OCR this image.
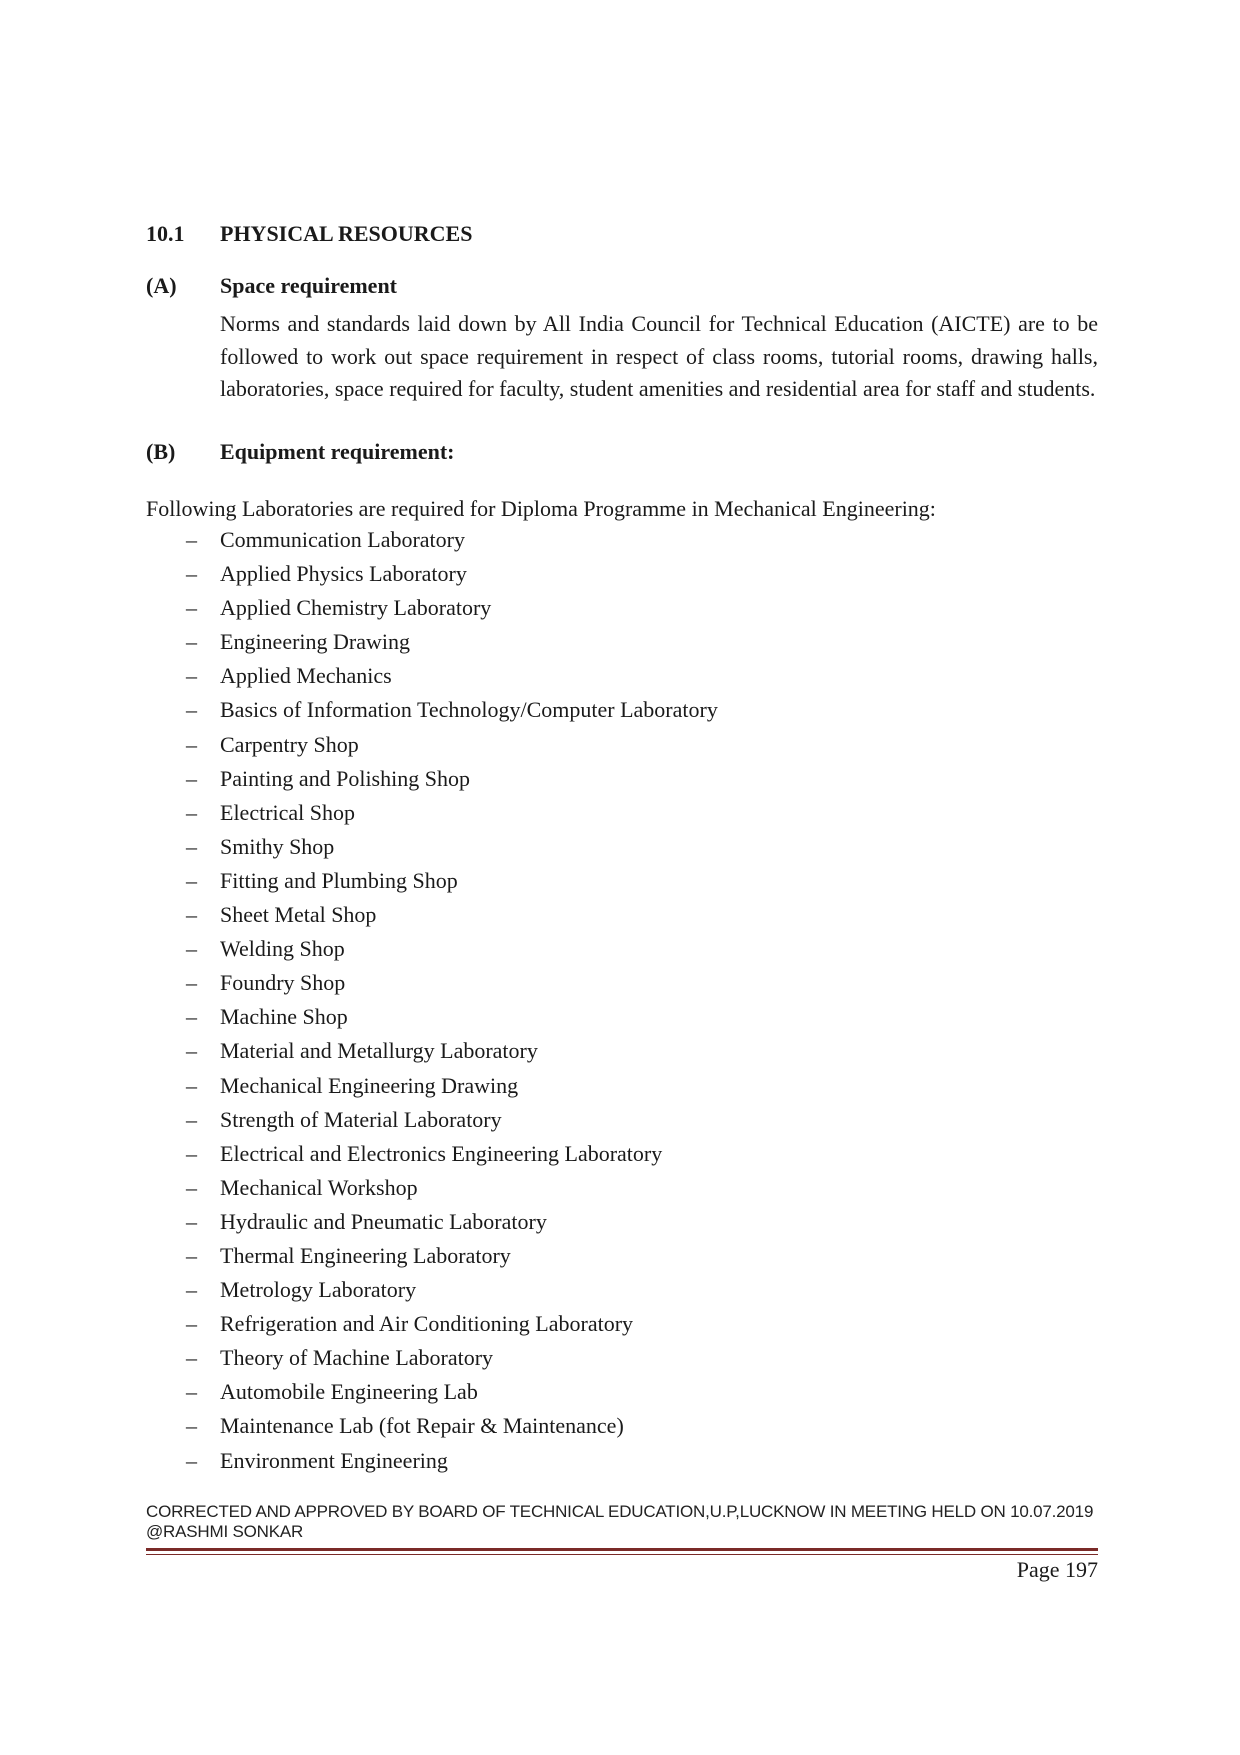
10.1 PHYSICAL RESOURCES
(A) Space requirement
Norms and standards laid down by All India Council for Technical Education (AICTE) are to be followed to work out space requirement in respect of class rooms, tutorial rooms, drawing halls, laboratories, space required for faculty, student amenities and residential area for staff and students.
(B) Equipment requirement:
Following Laboratories are required for Diploma Programme in Mechanical Engineering:
– Communication Laboratory
– Applied Physics Laboratory
– Applied Chemistry Laboratory
– Engineering Drawing
– Applied Mechanics
– Basics of Information Technology/Computer Laboratory
– Carpentry Shop
– Painting and Polishing Shop
– Electrical Shop
– Smithy Shop
– Fitting and Plumbing Shop
– Sheet Metal Shop
– Welding Shop
– Foundry Shop
– Machine Shop
– Material and Metallurgy Laboratory
– Mechanical Engineering Drawing
– Strength of Material Laboratory
– Electrical and Electronics Engineering Laboratory
– Mechanical Workshop
– Hydraulic and Pneumatic Laboratory
– Thermal Engineering Laboratory
– Metrology Laboratory
– Refrigeration and Air Conditioning Laboratory
– Theory of Machine Laboratory
– Automobile Engineering Lab
– Maintenance Lab (fot Repair & Maintenance)
– Environment Engineering
CORRECTED AND APPROVED BY BOARD OF TECHNICAL EDUCATION,U.P,LUCKNOW IN MEETING HELD ON 10.07.2019 @RASHMI SONKAR
Page 197
